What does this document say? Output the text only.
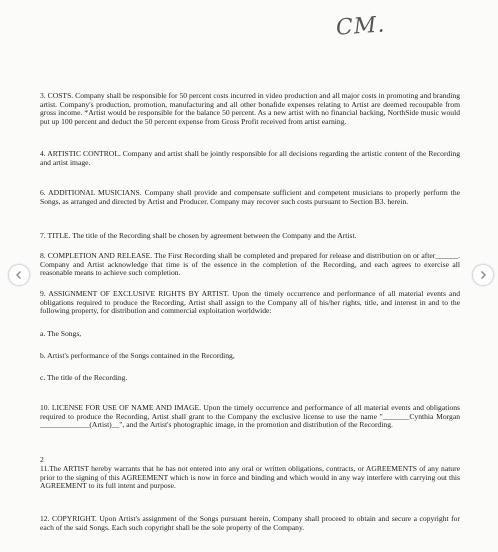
CM.

3. COSTS. Company shall be responsible for 50 percent costs incurred in video production and all major costs in promoting and branding artist. Company's production, promotion, manufacturing and all other bonafide expenses relating to Artist are deemed recoupable from gross income. *Artist would be responsible for the balance 50 percent. As a new artist with no financial backing, NorthSide music would put up 100 percent and deduct the 50 percent expense from Gross Profit received from artist earning.

4. ARTISTIC CONTROL. Company and artist shall be jointly responsible for all decisions regarding the artistic content of the Recording and artist image.

6. ADDITIONAL MUSICIANS. Company shall provide and compensate sufficient and competent musicians to properly perform the Songs, as arranged and directed by Artist and Producer. Company may recover such costs pursuant to Section B3. herein.

7. TITLE. The title of the Recording shall be chosen by agreement between the Company and the Artist.

8. COMPLETION AND RELEASE. The First Recording shall be completed and prepared for release and distribution on or after______. Company and Artist acknowledge that time is of the essence in the completion of the Recording, and each agrees to exercise all reasonable means to achieve such completion.

9. ASSIGNMENT OF EXCLUSIVE RIGHTS BY ARTIST. Upon the timely occurrence and performance of all material events and obligations required to produce the Recording, Artist shall assign to the Company all of his/her rights, title, and interest in and to the following property, for distribution and commercial exploitation worldwide:

a. The Songs,

b. Artist's performance of the Songs contained in the Recording,

c. The title of the Recording.

10. LICENSE FOR USE OF NAME AND IMAGE. Upon the timely occurrence and performance of all material events and obligations required to produce the Recording, Artist shall grant to the Company the exclusive license to use the name "_______Cynthia Morgan _____________(Artist)__", and the Artist's photographic image, in the promotion and distribution of the Recording.

2

11.The ARTIST hereby warrants that he has not entered into any oral or written obligations, contracts, or AGREEMENTS of any nature prior to the signing of this AGREEMENT which is now in force and binding and which would in any way interfere with carrying out this AGREEMENT to its full intent and purpose.

12. COPYRIGHT. Upon Artist's assignment of the Songs pursuant herein, Company shall proceed to obtain and secure a copyright for each of the said Songs. Each such copyright shall be the sole property of the Company.
